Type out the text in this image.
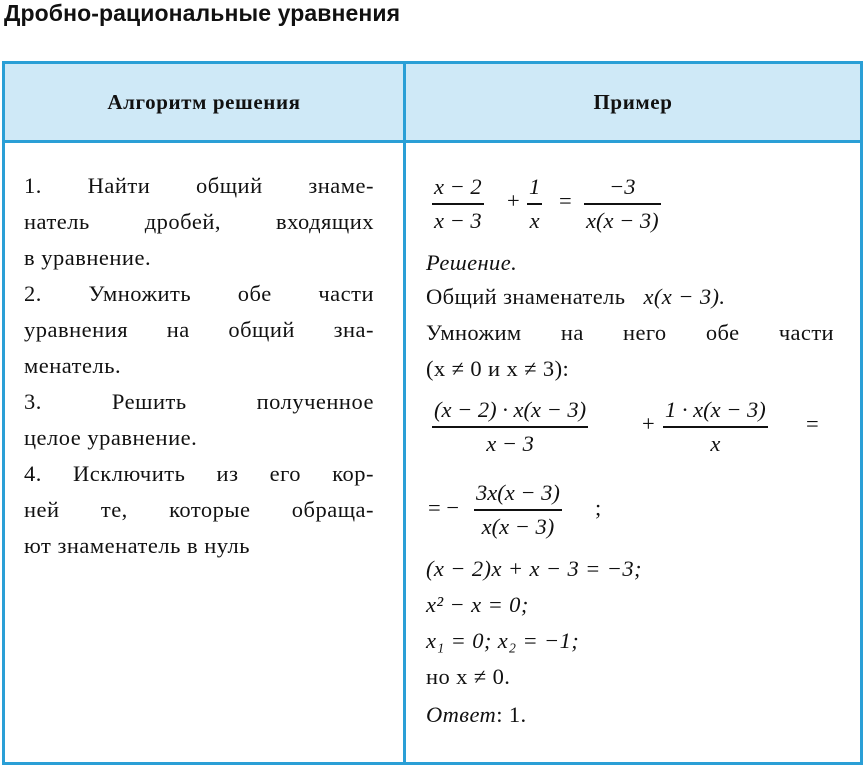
Дробно-рациональные уравнения
Алгоритм решения	Пример
1. Найти общий знаме-
натель дробей, входящих
в уравнение.
2. Умножить обе части
уравнения на общий зна-
менатель.
3. Решить полученное
целое уравнение.
4. Исключить из его кор-
ней те, которые обраща-
ют знаменатель в нуль
x − 2
x − 3
+
1
x
=
−3
x(x − 3)
Решение.
Общий знаменатель x(x − 3).
Умножим на него обе части
(x ≠ 0 и x ≠ 3):
(x − 2) · x(x − 3)
x − 3
+
1 · x(x − 3)
x
=
= −
3x(x − 3)
x(x − 3)
;
(x − 2)x + x − 3 = −3;
x² − x = 0;
x₁ = 0; x₂ = −1;
но x ≠ 0.
Ответ: 1.
